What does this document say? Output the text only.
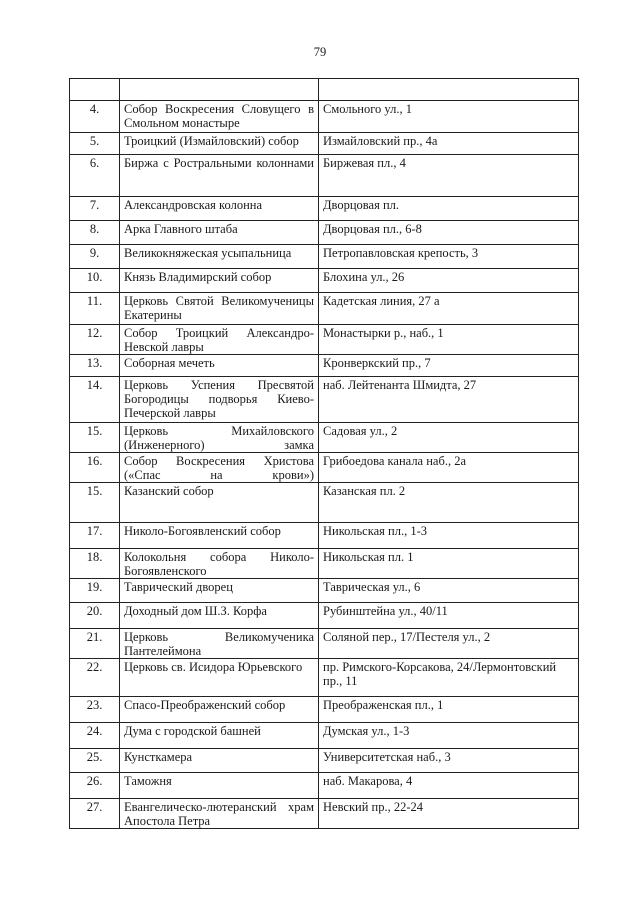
79

4.	Собор Воскресения Словущего в Смольном монастыре	Смольного ул., 1
5.	Троицкий (Измайловский) собор	Измайловский пр., 4а
6.	Биржа с Ростральными колоннами	Биржевая пл., 4
7.	Александровская колонна	Дворцовая пл.
8.	Арка Главного штаба	Дворцовая пл., 6-8
9.	Великокняжеская усыпальница	Петропавловская крепость, 3
10.	Князь Владимирский собор	Блохина ул., 26
11.	Церковь Святой Великомученицы Екатерины	Кадетская линия, 27 а
12.	Собор Троицкий Александро-Невской лавры	Монастырки р., наб., 1
13.	Соборная мечеть	Кронверкский пр., 7
14.	Церковь Успения Пресвятой Богородицы подворья Киево-Печерской лавры	наб. Лейтенанта Шмидта, 27
15.	Церковь Михайловского (Инженерного) замка	Садовая ул., 2
16.	Собор Воскресения Христова («Спас на крови»)	Грибоедова канала наб., 2а
15.	Казанский собор	Казанская пл. 2
17.	Николо-Богоявленский собор	Никольская пл., 1-3
18.	Колокольня собора Николо-Богоявленского	Никольская пл. 1
19.	Таврический дворец	Таврическая ул., 6
20.	Доходный дом Ш.З. Корфа	Рубинштейна ул., 40/11
21.	Церковь Великомученика Пантелеймона	Соляной пер., 17/Пестеля ул., 2
22.	Церковь св. Исидора Юрьевского	пр. Римского-Корсакова, 24/Лермонтовский пр., 11
23.	Спасо-Преображенский собор	Преображенская пл., 1
24.	Дума с городской башней	Думская ул., 1-3
25.	Кунсткамера	Университетская наб., 3
26.	Таможня	наб. Макарова, 4
27.	Евангелическо-лютеранский храм Апостола Петра	Невский пр., 22-24
